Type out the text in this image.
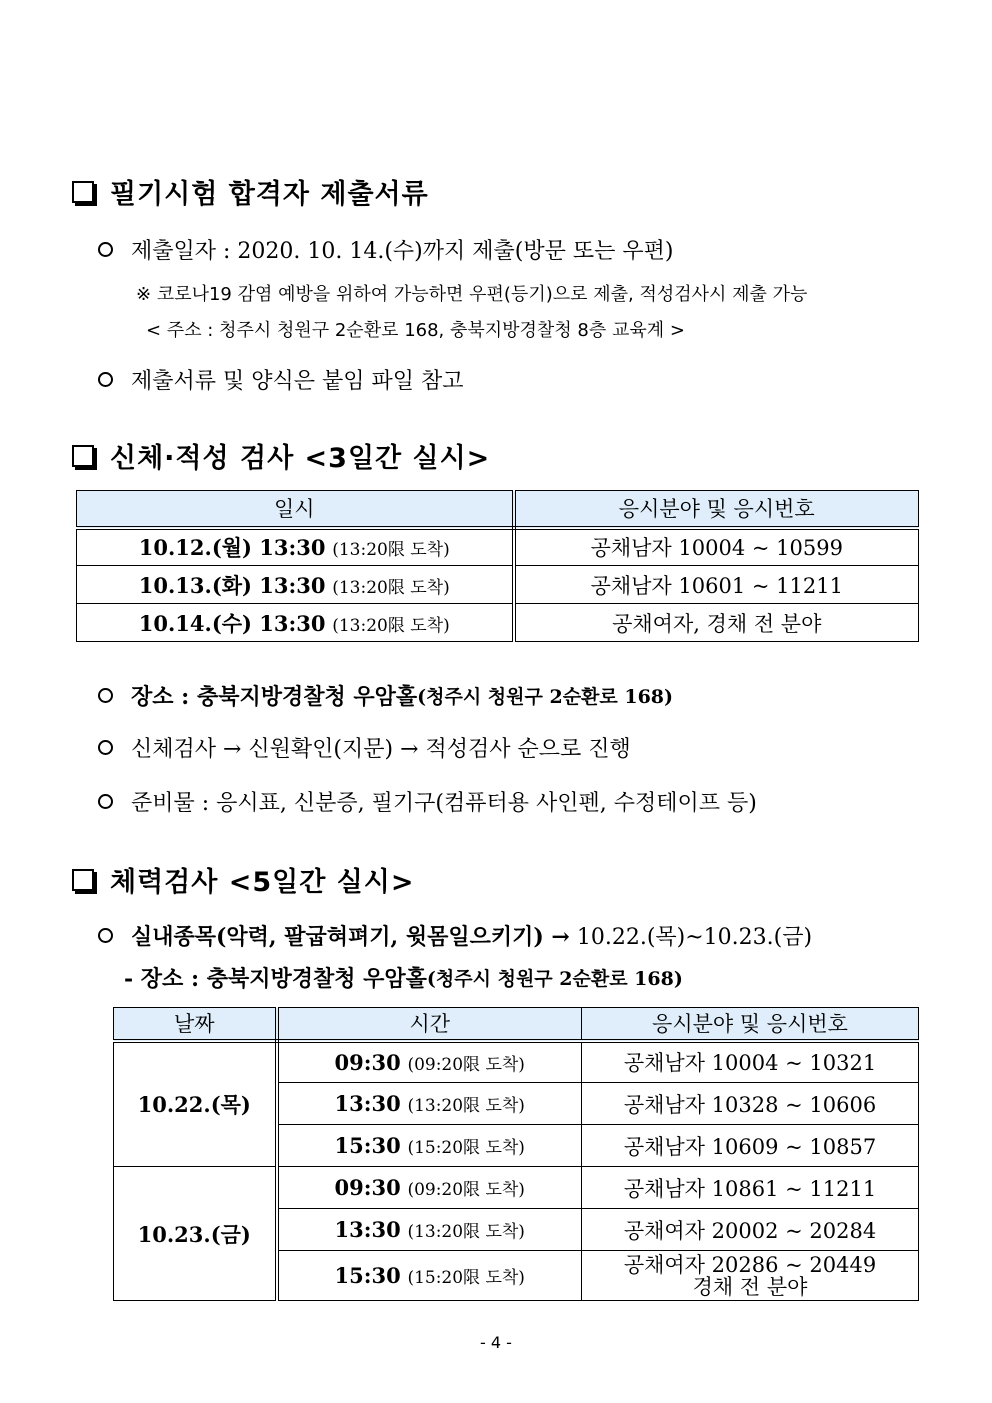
필기시험 합격자 제출서류
제출일자 : 2020. 10. 14.(수)까지 제출(방문 또는 우편)
※ 코로나19 감염 예방을 위하여 가능하면 우편(등기)으로 제출, 적성검사시 제출 가능
< 주소 : 청주시 청원구 2순환로 168, 충북지방경찰청 8층 교육계 >
제출서류 및 양식은 붙임 파일 참고
신체·적성 검사 <3일간 실시>
일시	응시분야 및 응시번호
10.12.(월) 13:30 (13:20限 도착)	공채남자 10004 ~ 10599
10.13.(화) 13:30 (13:20限 도착)	공채남자 10601 ~ 11211
10.14.(수) 13:30 (13:20限 도착)	공채여자, 경채 전 분야
장소 : 충북지방경찰청 우암홀 (청주시 청원구 2순환로 168)
신체검사 → 신원확인(지문) → 적성검사 순으로 진행
준비물 : 응시표, 신분증, 필기구(컴퓨터용 사인펜, 수정테이프 등)
체력검사 <5일간 실시>
실내종목(악력, 팔굽혀펴기, 윗몸일으키기) →
10.22.(목)~10.23.(금)
- 장소 : 충북지방경찰청 우암홀 (청주시 청원구 2순환로 168)
날짜	시간	응시분야 및 응시번호
10.22.(목)	09:30 (09:20限 도착)	공채남자 10004 ~ 10321
	13:30 (13:20限 도착)	공채남자 10328 ~ 10606
	15:30 (15:20限 도착)	공채남자 10609 ~ 10857
10.23.(금)	09:30 (09:20限 도착)	공채남자 10861 ~ 11211
	13:30 (13:20限 도착)	공채여자 20002 ~ 20284
	15:30 (15:20限 도착)	공채여자 20286 ~ 20449
경채 전 분야
- 4 -
